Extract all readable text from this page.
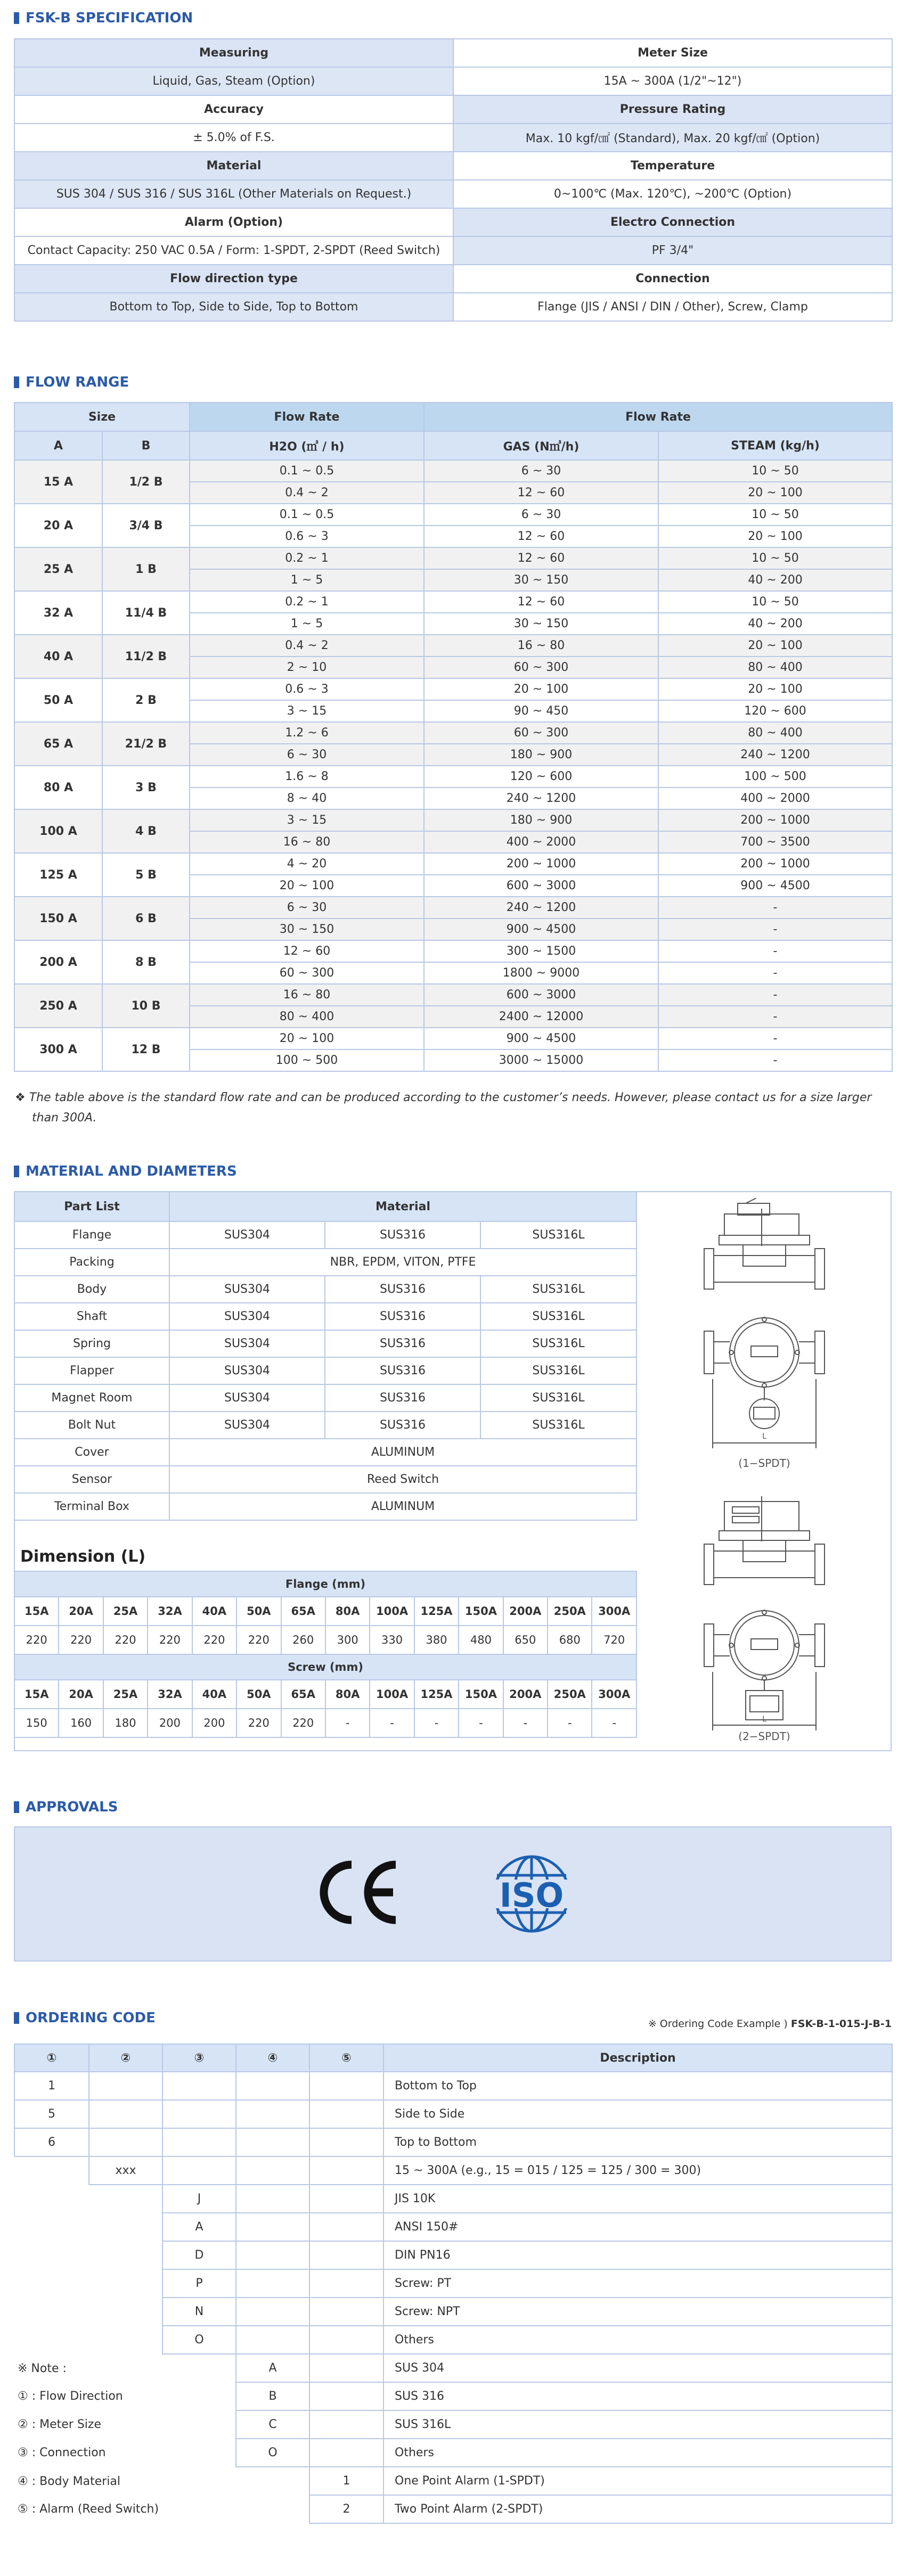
FSK-B SPECIFICATION
Measuring	Meter Size
Liquid, Gas, Steam (Option)	15A ~ 300A (1/2"~12")
Accuracy	Pressure Rating
± 5.0% of F.S.	Max. 10 kgf/㎠ (Standard), Max. 20 kgf/㎠ (Option)
Material	Temperature
SUS 304 / SUS 316 / SUS 316L (Other Materials on Request.)	0~100℃ (Max. 120℃), ~200℃ (Option)
Alarm (Option)	Electro Connection
Contact Capacity: 250 VAC 0.5A / Form: 1-SPDT, 2-SPDT (Reed Switch)	PF 3/4"
Flow direction type	Connection
Bottom to Top, Side to Side, Top to Bottom	Flange (JIS / ANSI / DIN / Other), Screw, Clamp
FLOW RANGE
Size		Flow Rate	Flow Rate	
A	B	H2O (㎥ / h)	GAS (N㎥/h)	STEAM (kg/h)
15 A	1/2 B	0.1 ~ 0.5	6 ~ 30	10 ~ 50
		0.4 ~ 2	12 ~ 60	20 ~ 100
20 A	3/4 B	0.1 ~ 0.5	6 ~ 30	10 ~ 50
		0.6 ~ 3	12 ~ 60	20 ~ 100
25 A	1 B	0.2 ~ 1	12 ~ 60	10 ~ 50
		1 ~ 5	30 ~ 150	40 ~ 200
32 A	11/4 B	0.2 ~ 1	12 ~ 60	10 ~ 50
		1 ~ 5	30 ~ 150	40 ~ 200
40 A	11/2 B	0.4 ~ 2	16 ~ 80	20 ~ 100
		2 ~ 10	60 ~ 300	80 ~ 400
50 A	2 B	0.6 ~ 3	20 ~ 100	20 ~ 100
		3 ~ 15	90 ~ 450	120 ~ 600
65 A	21/2 B	1.2 ~ 6	60 ~ 300	80 ~ 400
		6 ~ 30	180 ~ 900	240 ~ 1200
80 A	3 B	1.6 ~ 8	120 ~ 600	100 ~ 500
		8 ~ 40	240 ~ 1200	400 ~ 2000
100 A	4 B	3 ~ 15	180 ~ 900	200 ~ 1000
		16 ~ 80	400 ~ 2000	700 ~ 3500
125 A	5 B	4 ~ 20	200 ~ 1000	200 ~ 1000
		20 ~ 100	600 ~ 3000	900 ~ 4500
150 A	6 B	6 ~ 30	240 ~ 1200	-
		30 ~ 150	900 ~ 4500	-
200 A	8 B	12 ~ 60	300 ~ 1500	-
		60 ~ 300	1800 ~ 9000	-
250 A	10 B	16 ~ 80	600 ~ 3000	-
		80 ~ 400	2400 ~ 12000	-
300 A	12 B	20 ~ 100	900 ~ 4500	-
		100 ~ 500	3000 ~ 15000	-
❖ The table above is the standard flow rate and can be produced according to the customer’s needs. However, please contact us for a size larger
than 300A.
MATERIAL AND DIAMETERS
Part List	Material		
Flange	SUS304	SUS316	SUS316L
Packing	NBR, EPDM, VITON, PTFE		
Body	SUS304	SUS316	SUS316L
Shaft	SUS304	SUS316	SUS316L
Spring	SUS304	SUS316	SUS316L
Flapper	SUS304	SUS316	SUS316L
Magnet Room	SUS304	SUS316	SUS316L
Bolt Nut	SUS304	SUS316	SUS316L
Cover	ALUMINUM		
Sensor	Reed Switch		
Terminal Box	ALUMINUM		
L
(1−SPDT)
L
(2−SPDT)
Dimension (L)
Flange (mm)													
15A	20A	25A	32A	40A	50A	65A	80A	100A	125A	150A	200A	250A	300A
220	220	220	220	220	220	260	300	330	380	480	650	680	720
Screw (mm)													
15A	20A	25A	32A	40A	50A	65A	80A	100A	125A	150A	200A	250A	300A
150	160	180	200	200	220	220	-	-	-	-	-	-	-
APPROVALS
ISO
ORDERING CODE	※ Ordering Code Example ) FSK-B-1-015-J-B-1
①	②	③	④	⑤	Description
1					Bottom to Top
5					Side to Side
6					Top to Bottom
	xxx				15 ~ 300A (e.g., 15 = 015 / 125 = 125 / 300 = 300)
		J			JIS 10K
		A			ANSI 150#
		D			DIN PN16
		P			Screw: PT
		N			Screw: NPT
		O			Others
※ Note :			A		SUS 304
① : Flow Direction			B		SUS 316
② : Meter Size			C		SUS 316L
③ : Connection			O		Others
④ : Body Material				1	One Point Alarm (1-SPDT)
⑤ : Alarm (Reed Switch)				2	Two Point Alarm (2-SPDT)
